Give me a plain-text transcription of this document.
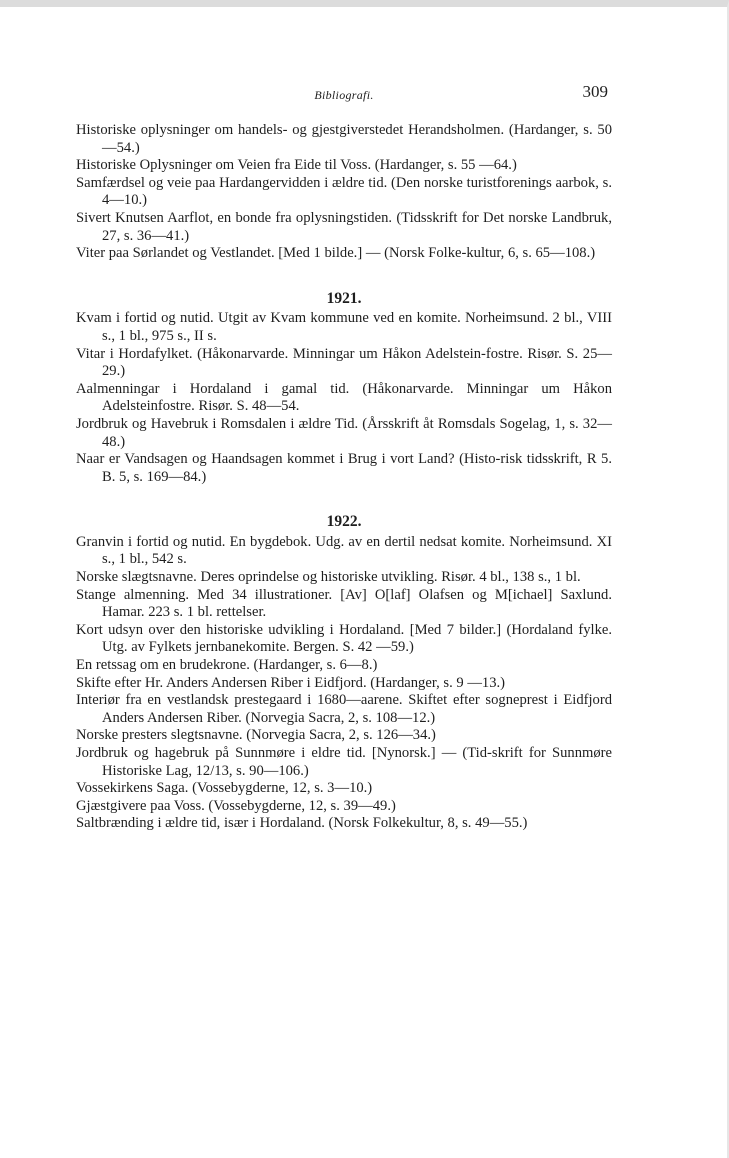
Bibliografi.	309

Historiske oplysninger om handels- og gjestgiverstedet Herandsholmen. (Hardanger, s. 50—54.)

Historiske Oplysninger om Veien fra Eide til Voss. (Hardanger, s. 55 —64.)

Samfærdsel og veie paa Hardangervidden i ældre tid. (Den norske turistforenings aarbok, s. 4—10.)

Sivert Knutsen Aarflot, en bonde fra oplysningstiden. (Tidsskrift for Det norske Landbruk, 27, s. 36—41.)

Viter paa Sørlandet og Vestlandet. [Med 1 bilde.] — (Norsk Folke-kultur, 6, s. 65—108.)

1921.

Kvam i fortid og nutid. Utgit av Kvam kommune ved en komite. Norheimsund. 2 bl., VIII s., 1 bl., 975 s., II s.

Vitar i Hordafylket. (Håkonarvarde. Minningar um Håkon Adelstein-fostre. Risør. S. 25—29.)

Aalmenningar i Hordaland i gamal tid. (Håkonarvarde. Minningar um Håkon Adelsteinfostre. Risør. S. 48—54.

Jordbruk og Havebruk i Romsdalen i ældre Tid. (Årsskrift åt Romsdals Sogelag, 1, s. 32—48.)

Naar er Vandsagen og Haandsagen kommet i Brug i vort Land? (Histo-risk tidsskrift, R 5. B. 5, s. 169—84.)

1922.

Granvin i fortid og nutid. En bygdebok. Udg. av en dertil nedsat komite. Norheimsund. XI s., 1 bl., 542 s.

Norske slægtsnavne. Deres oprindelse og historiske utvikling. Risør. 4 bl., 138 s., 1 bl.

Stange almenning. Med 34 illustrationer. [Av] O[laf] Olafsen og M[ichael] Saxlund. Hamar. 223 s. 1 bl. rettelser.

Kort udsyn over den historiske udvikling i Hordaland. [Med 7 bilder.] (Hordaland fylke. Utg. av Fylkets jernbanekomite. Bergen. S. 42 —59.)

En retssag om en brudekrone. (Hardanger, s. 6—8.)

Skifte efter Hr. Anders Andersen Riber i Eidfjord. (Hardanger, s. 9 —13.)

Interiør fra en vestlandsk prestegaard i 1680—aarene. Skiftet efter sogneprest i Eidfjord Anders Andersen Riber. (Norvegia Sacra, 2, s. 108—12.)

Norske presters slegtsnavne. (Norvegia Sacra, 2, s. 126—34.)

Jordbruk og hagebruk på Sunnmøre i eldre tid. [Nynorsk.] — (Tid-skrift for Sunnmøre Historiske Lag, 12/13, s. 90—106.)

Vossekirkens Saga. (Vossebygderne, 12, s. 3—10.)

Gjæstgivere paa Voss. (Vossebygderne, 12, s. 39—49.)

Saltbrænding i ældre tid, især i Hordaland. (Norsk Folkekultur, 8, s. 49—55.)
